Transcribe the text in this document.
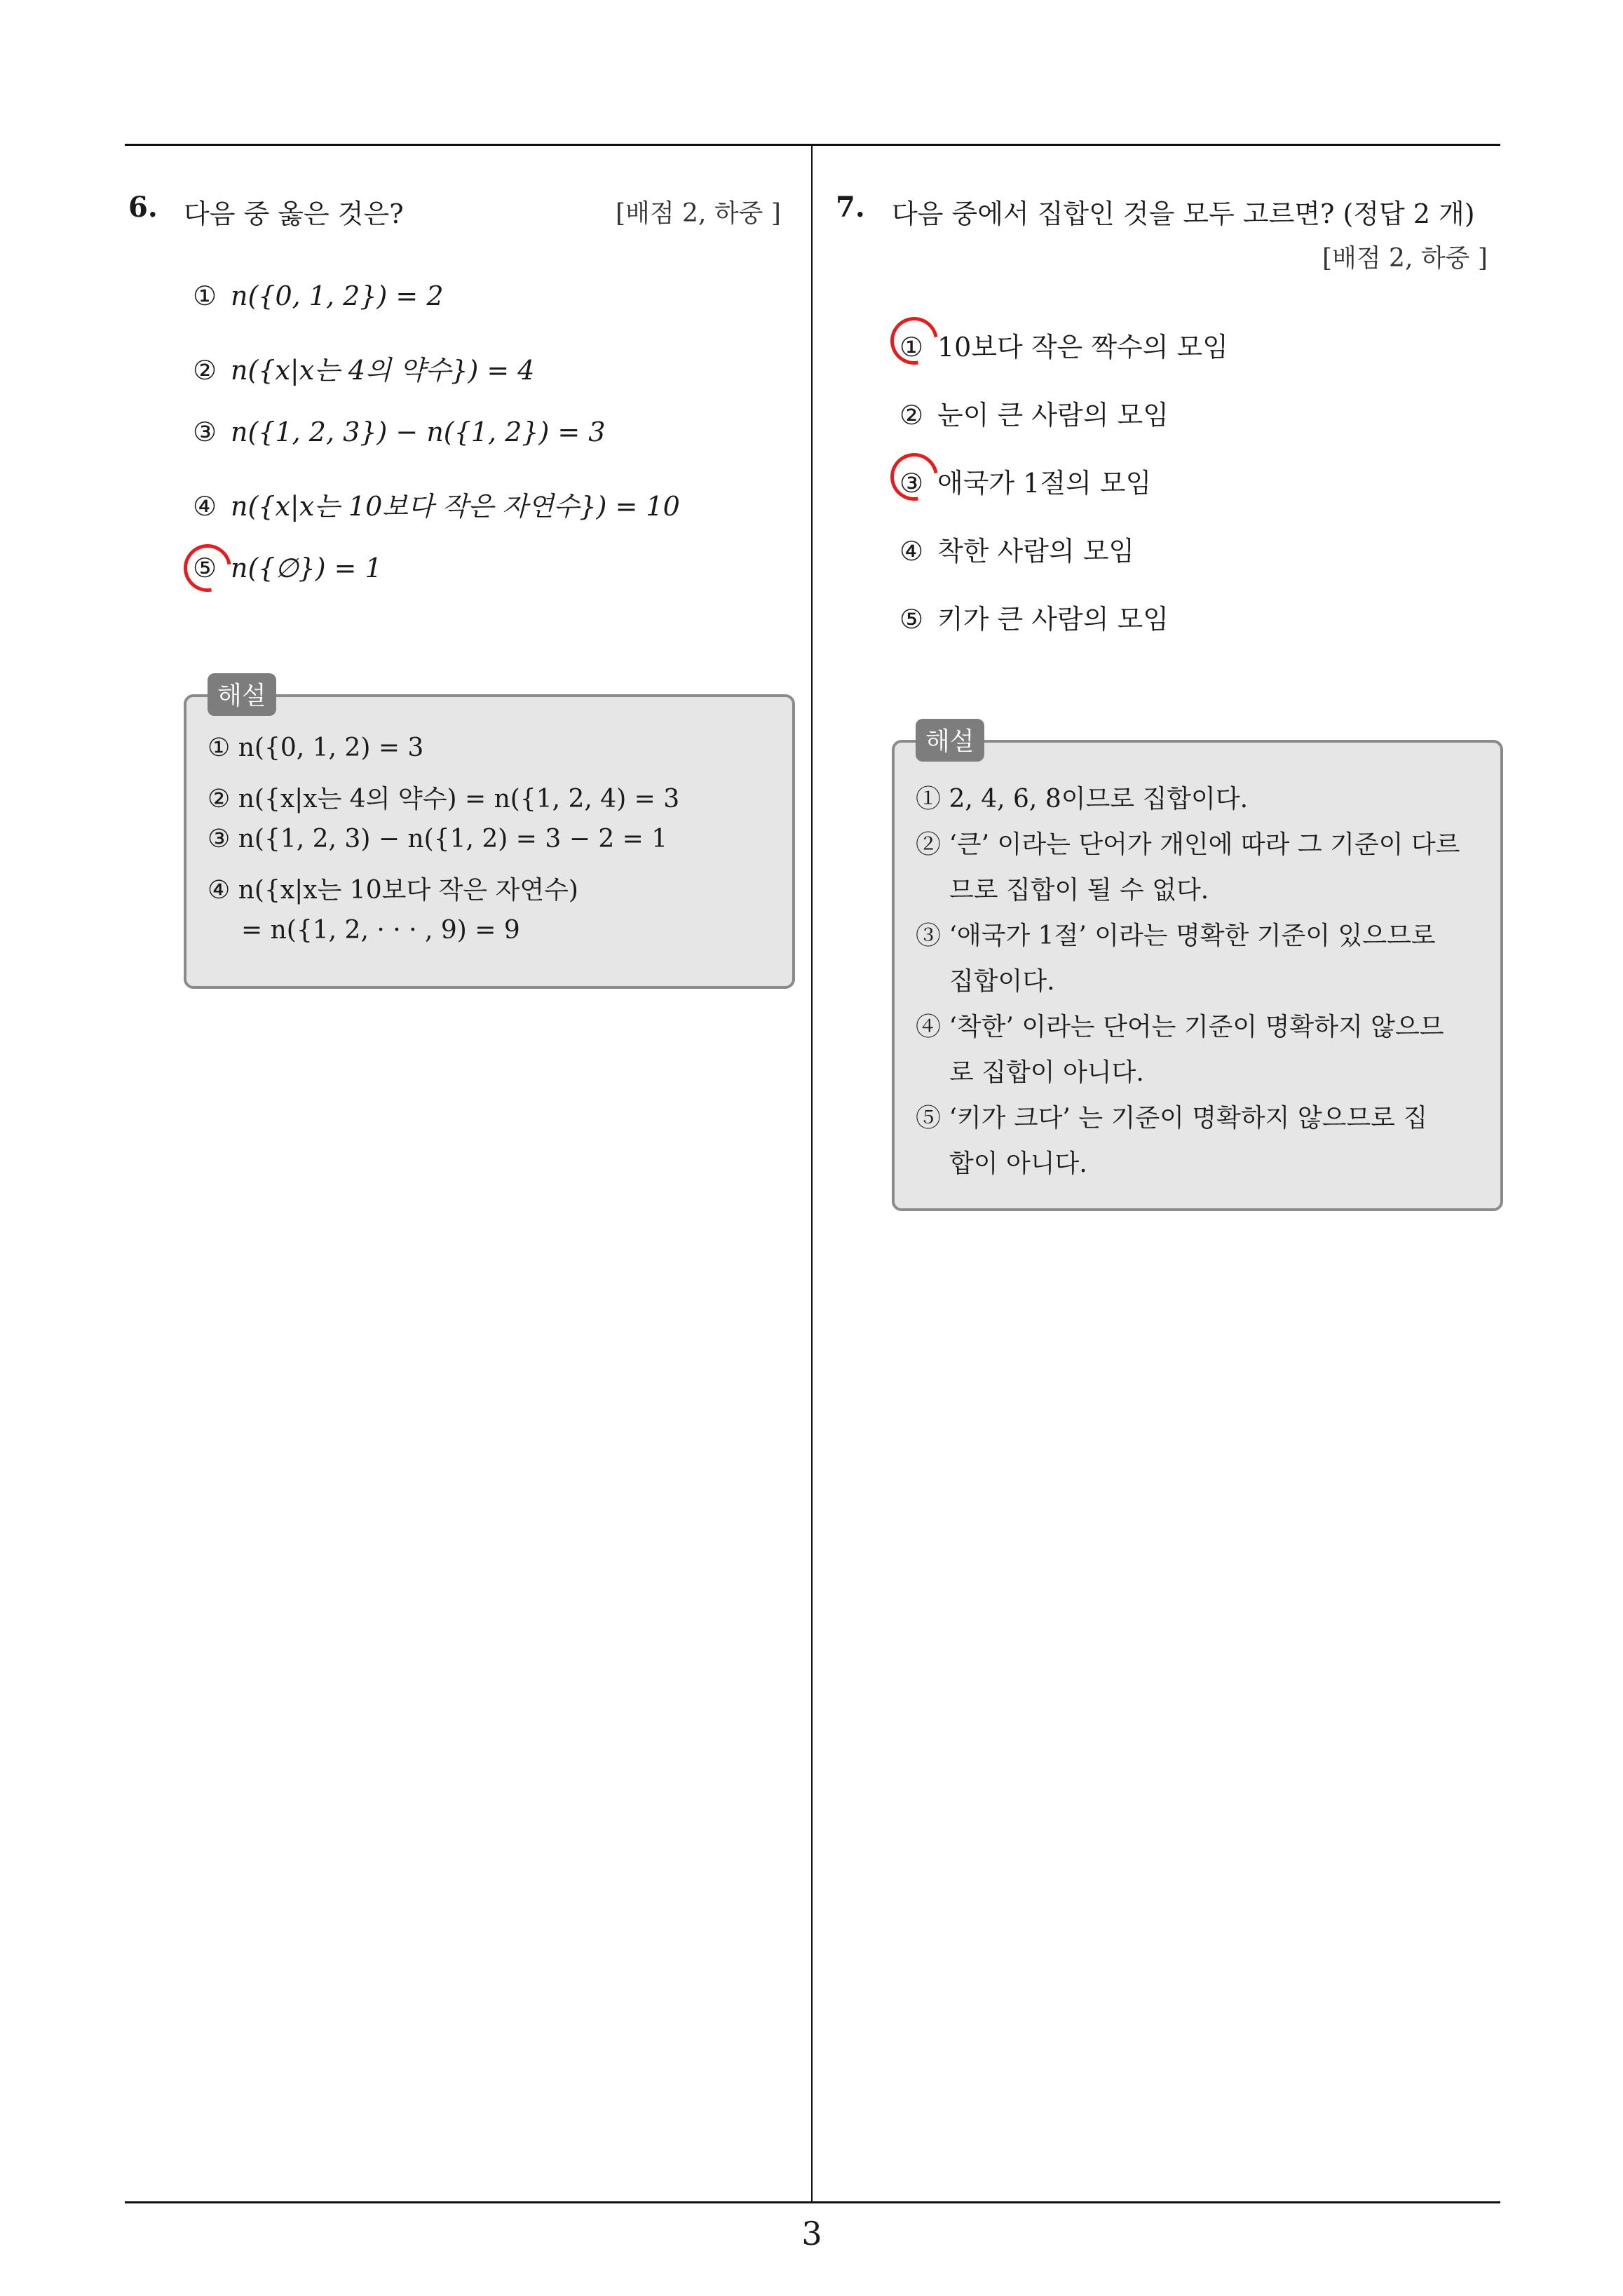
6. 다음 중 옳은 것은?	[배점 2, 하중 ]
① n({0, 1, 2}) = 2
② n({x|x는 4의 약수}) = 4
③ n({1, 2, 3}) − n({1, 2}) = 3
④ n({x|x는 10보다 작은 자연수}) = 10
⑤ n({∅}) = 1
① n({0, 1, 2) = 3
② n({x|x는 4의 약수) = n({1, 2, 4) = 3
③ n({1, 2, 3) − n({1, 2) = 3 − 2 = 1
④ n({x|x는 10보다 작은 자연수)
= n({1, 2, · · · , 9) = 9
해설
7. 다음 중에서 집합인 것을 모두 고르면? (정답 2 개)
[배점 2, 하중 ]
① 10보다 작은 짝수의 모임
② 눈이 큰 사람의 모임
③ 애국가 1절의 모임
④ 착한 사람의 모임
⑤ 키가 큰 사람의 모임
① 2, 4, 6, 8이므로 집합이다.
② ‘큰’ 이라는 단어가 개인에 따라 그 기준이 다르
므로 집합이 될 수 없다.
③ ‘애국가 1절’ 이라는 명확한 기준이 있으므로
집합이다.
④ ‘착한’ 이라는 단어는 기준이 명확하지 않으므
로 집합이 아니다.
⑤ ‘키가 크다’ 는 기준이 명확하지 않으므로 집
합이 아니다.
해설
3
